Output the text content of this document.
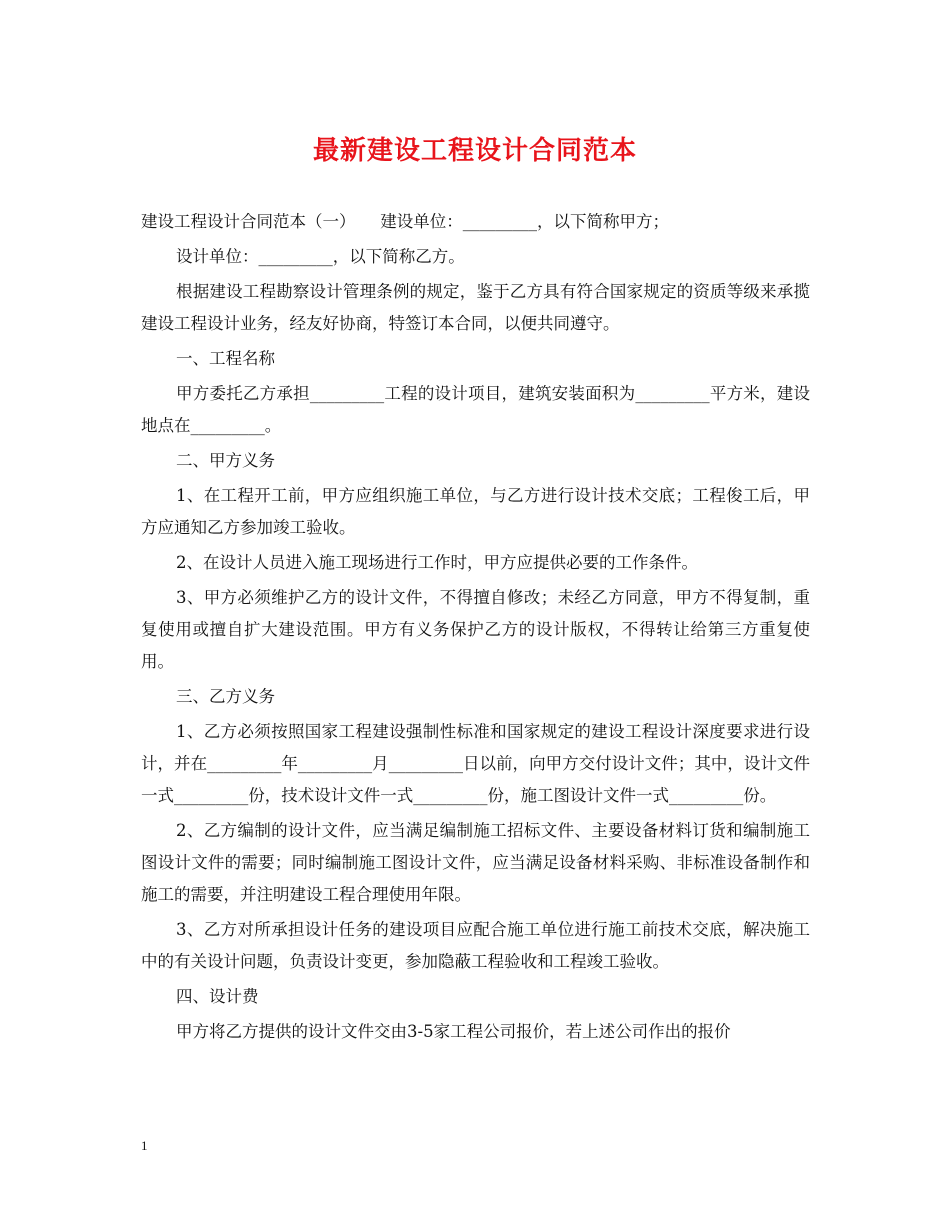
最新建设工程设计合同范本

建设工程设计合同范本（一）　　建设单位：_________，以下简称甲方；

设计单位：_________，以下简称乙方。

根据建设工程勘察设计管理条例的规定，鉴于乙方具有符合国家规定的资质等级来承揽建设工程设计业务，经友好协商，特签订本合同，以便共同遵守。

一、工程名称

甲方委托乙方承担_________工程的设计项目，建筑安装面积为_________平方米，建设地点在_________。

二、甲方义务

1、在工程开工前，甲方应组织施工单位，与乙方进行设计技术交底；工程俊工后，甲方应通知乙方参加竣工验收。

2、在设计人员进入施工现场进行工作时，甲方应提供必要的工作条件。

3、甲方必须维护乙方的设计文件，不得擅自修改；未经乙方同意，甲方不得复制，重复使用或擅自扩大建设范围。甲方有义务保护乙方的设计版权，不得转让给第三方重复使用。

三、乙方义务

1、乙方必须按照国家工程建设强制性标准和国家规定的建设工程设计深度要求进行设计，并在_________年_________月_________日以前，向甲方交付设计文件；其中，设计文件一式_________份，技术设计文件一式_________份，施工图设计文件一式_________份。

2、乙方编制的设计文件，应当满足编制施工招标文件、主要设备材料订货和编制施工图设计文件的需要；同时编制施工图设计文件，应当满足设备材料采购、非标准设备制作和施工的需要，并注明建设工程合理使用年限。

3、乙方对所承担设计任务的建设项目应配合施工单位进行施工前技术交底，解决施工中的有关设计问题，负责设计变更，参加隐蔽工程验收和工程竣工验收。

四、设计费

甲方将乙方提供的设计文件交由3-5家工程公司报价，若上述公司作出的报价

1
